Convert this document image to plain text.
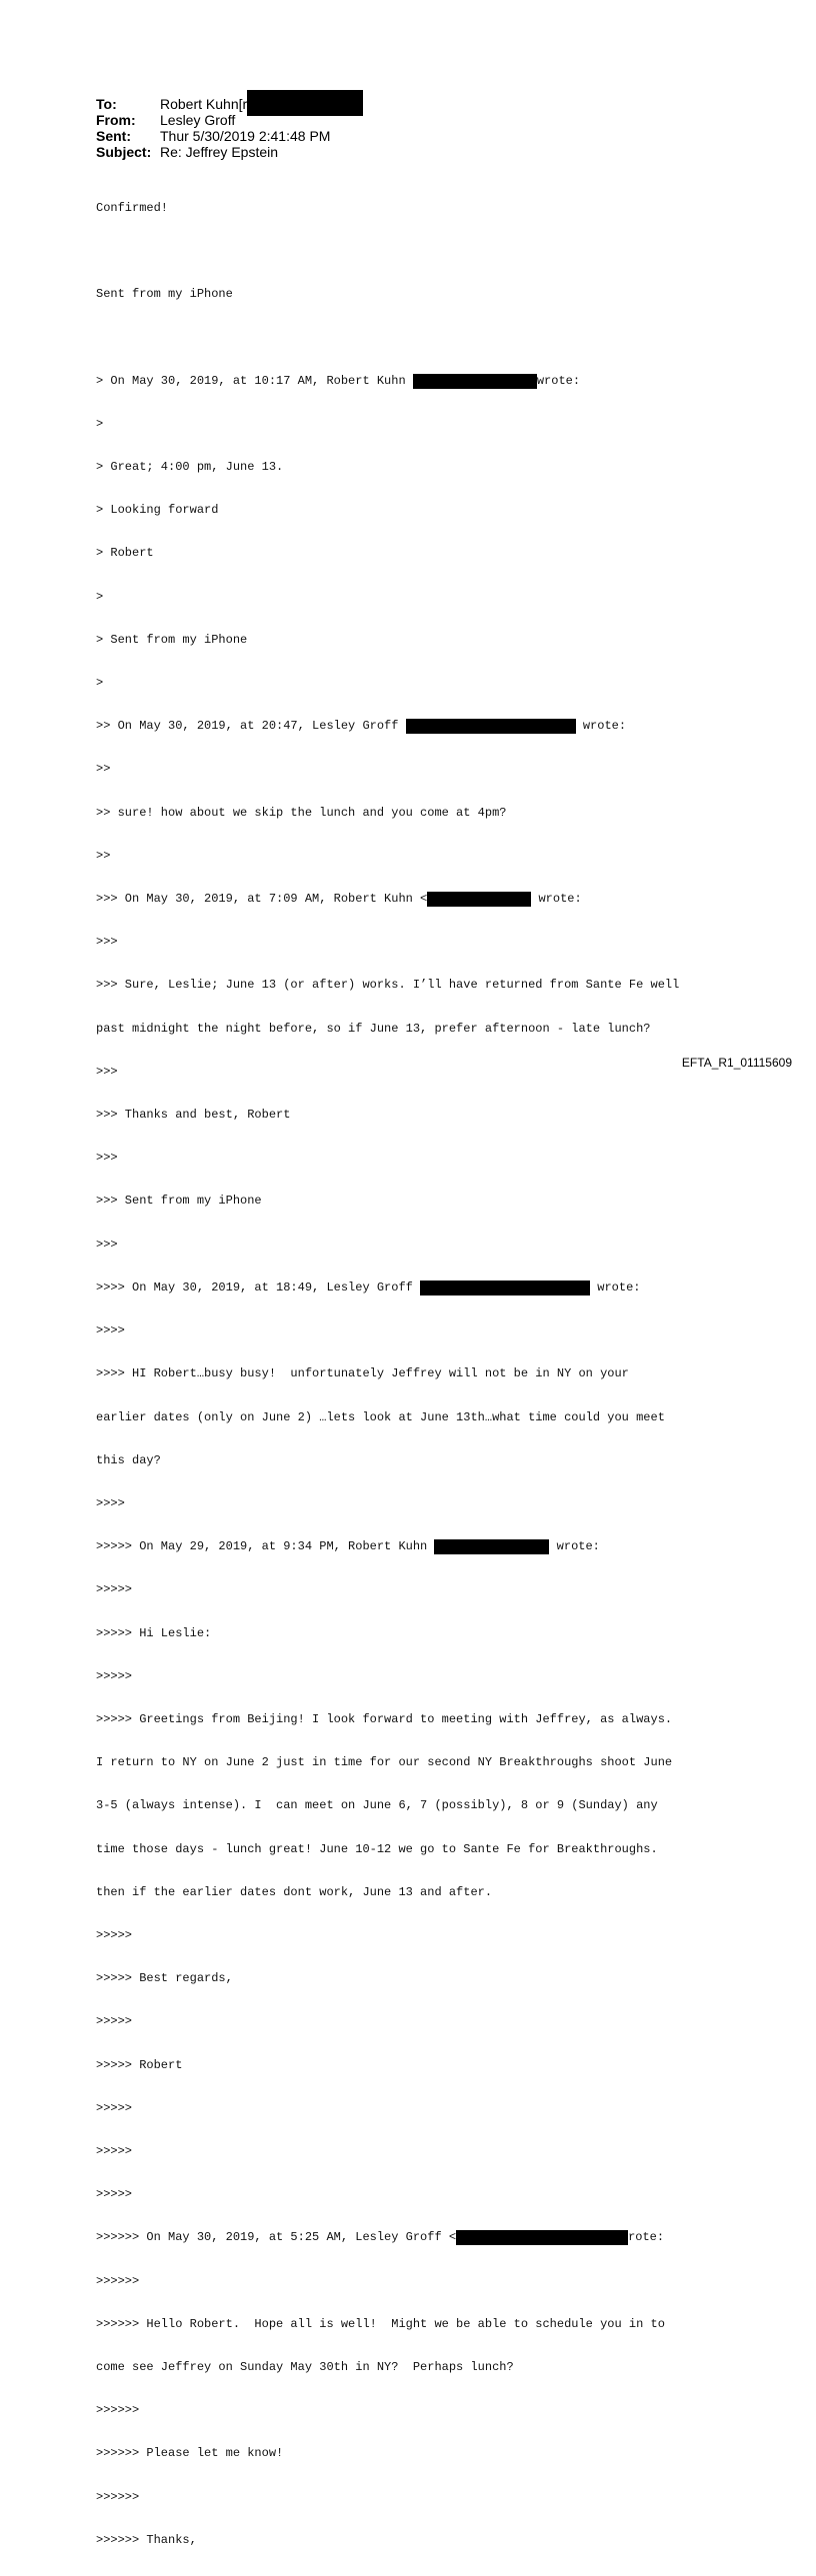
To:	Robert Kuhn[r
From:	Lesley Groff
Sent:	Thur 5/30/2019 2:41:48 PM
Subject: Re: Jeffrey Epstein

Confirmed!

Sent from my iPhone

> On May 30, 2019, at 10:17 AM, Robert Kuhn	wrote:

>

> Great; 4:00 pm, June 13.

> Looking forward

> Robert

>

> Sent from my iPhone

>

>> On May 30, 2019, at 20:47, Lesley Groff	wrote:

>>

>> sure! how about we skip the lunch and you come at 4pm?

>>

>>> On May 30, 2019, at 7:09 AM, Robert Kuhn <	wrote:

>>>

>>> Sure, Leslie; June 13 (or after) works. I’ll have returned from Sante Fe well

past midnight the night before, so if June 13, prefer afternoon - late lunch?

>>>

>>> Thanks and best, Robert

>>>

>>> Sent from my iPhone

>>>

>>>> On May 30, 2019, at 18:49, Lesley Groff	wrote:

>>>>

>>>> HI Robert…busy busy!  unfortunately Jeffrey will not be in NY on your

earlier dates (only on June 2) …lets look at June 13th…what time could you meet

this day?

>>>>

>>>>> On May 29, 2019, at 9:34 PM, Robert Kuhn	wrote:

>>>>>

>>>>> Hi Leslie:

>>>>>

>>>>> Greetings from Beijing! I look forward to meeting with Jeffrey, as always.

I return to NY on June 2 just in time for our second NY Breakthroughs shoot June

3-5 (always intense). I  can meet on June 6, 7 (possibly), 8 or 9 (Sunday) any

time those days - lunch great! June 10-12 we go to Sante Fe for Breakthroughs.

then if the earlier dates dont work, June 13 and after.

>>>>>

>>>>> Best regards,

>>>>>

>>>>> Robert

>>>>>

>>>>>

>>>>>

>>>>>> On May 30, 2019, at 5:25 AM, Lesley Groff <	rote:

>>>>>>

>>>>>> Hello Robert.  Hope all is well!  Might we be able to schedule you in to

come see Jeffrey on Sunday May 30th in NY?  Perhaps lunch?

>>>>>>

>>>>>> Please let me know!

>>>>>>

>>>>>> Thanks,

EFTA_R1_01115609
